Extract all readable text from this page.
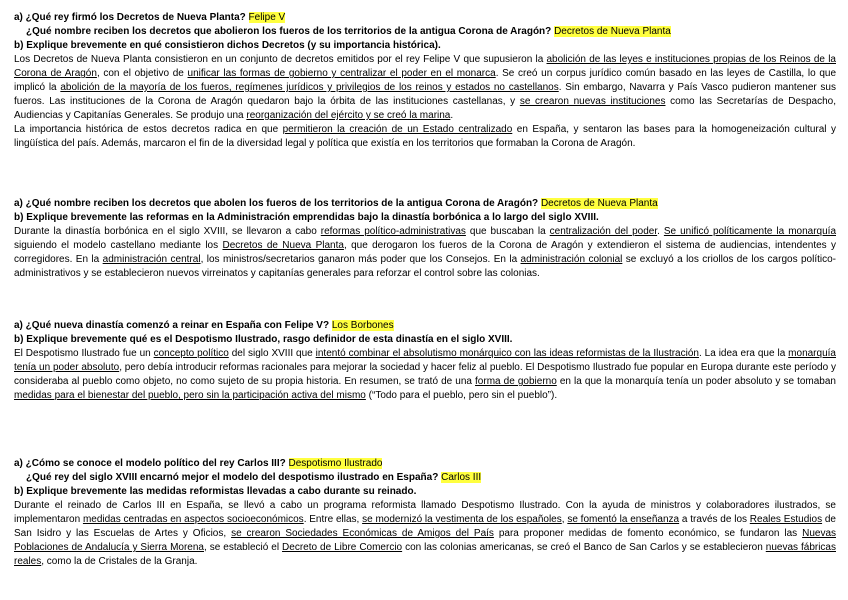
a) ¿Qué rey firmó los Decretos de Nueva Planta? Felipe V

¿Qué nombre reciben los decretos que abolieron los fueros de los territorios de la antigua Corona de Aragón? Decretos de Nueva Planta

b) Explique brevemente en qué consistieron dichos Decretos (y su importancia histórica).

Los Decretos de Nueva Planta consistieron en un conjunto de decretos emitidos por el rey Felipe V que supusieron la abolición de las leyes e instituciones propias de los Reinos de la Corona de Aragón, con el objetivo de unificar las formas de gobierno y centralizar el poder en el monarca. Se creó un corpus jurídico común basado en las leyes de Castilla, lo que implicó la abolición de la mayoría de los fueros, regímenes jurídicos y privilegios de los reinos y estados no castellanos. Sin embargo, Navarra y País Vasco pudieron mantener sus fueros. Las instituciones de la Corona de Aragón quedaron bajo la órbita de las instituciones castellanas, y se crearon nuevas instituciones como las Secretarías de Despacho, Audiencias y Capitanías Generales. Se produjo una reorganización del ejército y se creó la marina.

La importancia histórica de estos decretos radica en que permitieron la creación de un Estado centralizado en España, y sentaron las bases para la homogeneización cultural y lingüística del país. Además, marcaron el fin de la diversidad legal y política que existía en los territorios que formaban la Corona de Aragón.

a) ¿Qué nombre reciben los decretos que abolen los fueros de los territorios de la antigua Corona de Aragón? Decretos de Nueva Planta

b) Explique brevemente las reformas en la Administración emprendidas bajo la dinastía borbónica a lo largo del siglo XVIII.

Durante la dinastía borbónica en el siglo XVIII, se llevaron a cabo reformas político-administrativas que buscaban la centralización del poder. Se unificó políticamente la monarquía siguiendo el modelo castellano mediante los Decretos de Nueva Planta, que derogaron los fueros de la Corona de Aragón y extendieron el sistema de audiencias, intendentes y corregidores. En la administración central, los ministros/secretarios ganaron más poder que los Consejos. En la administración colonial se excluyó a los criollos de los cargos político-administrativos y se establecieron nuevos virreinatos y capitanías generales para reforzar el control sobre las colonias.

a) ¿Qué nueva dinastía comenzó a reinar en España con Felipe V? Los Borbones

b) Explique brevemente qué es el Despotismo Ilustrado, rasgo definidor de esta dinastía en el siglo XVIII.

El Despotismo Ilustrado fue un concepto político del siglo XVIII que intentó combinar el absolutismo monárquico con las ideas reformistas de la Ilustración. La idea era que la monarquía tenía un poder absoluto, pero debía introducir reformas racionales para mejorar la sociedad y hacer feliz al pueblo. El Despotismo Ilustrado fue popular en Europa durante este período y consideraba al pueblo como objeto, no como sujeto de su propia historia. En resumen, se trató de una forma de gobierno en la que la monarquía tenía un poder absoluto y se tomaban medidas para el bienestar del pueblo, pero sin la participación activa del mismo (“Todo para el pueblo, pero sin el pueblo”).

a) ¿Cómo se conoce el modelo político del rey Carlos III? Despotismo Ilustrado

¿Qué rey del siglo XVIII encarnó mejor el modelo del despotismo ilustrado en España? Carlos III

b) Explique brevemente las medidas reformistas llevadas a cabo durante su reinado.

Durante el reinado de Carlos III en España, se llevó a cabo un programa reformista llamado Despotismo Ilustrado. Con la ayuda de ministros y colaboradores ilustrados, se implementaron medidas centradas en aspectos socioeconómicos. Entre ellas, se modernizó la vestimenta de los españoles, se fomentó la enseñanza a través de los Reales Estudios de San Isidro y las Escuelas de Artes y Oficios, se crearon Sociedades Económicas de Amigos del País para proponer medidas de fomento económico, se fundaron las Nuevas Poblaciones de Andalucía y Sierra Morena, se estableció el Decreto de Libre Comercio con las colonias americanas, se creó el Banco de San Carlos y se establecieron nuevas fábricas reales, como la de Cristales de la Granja.
